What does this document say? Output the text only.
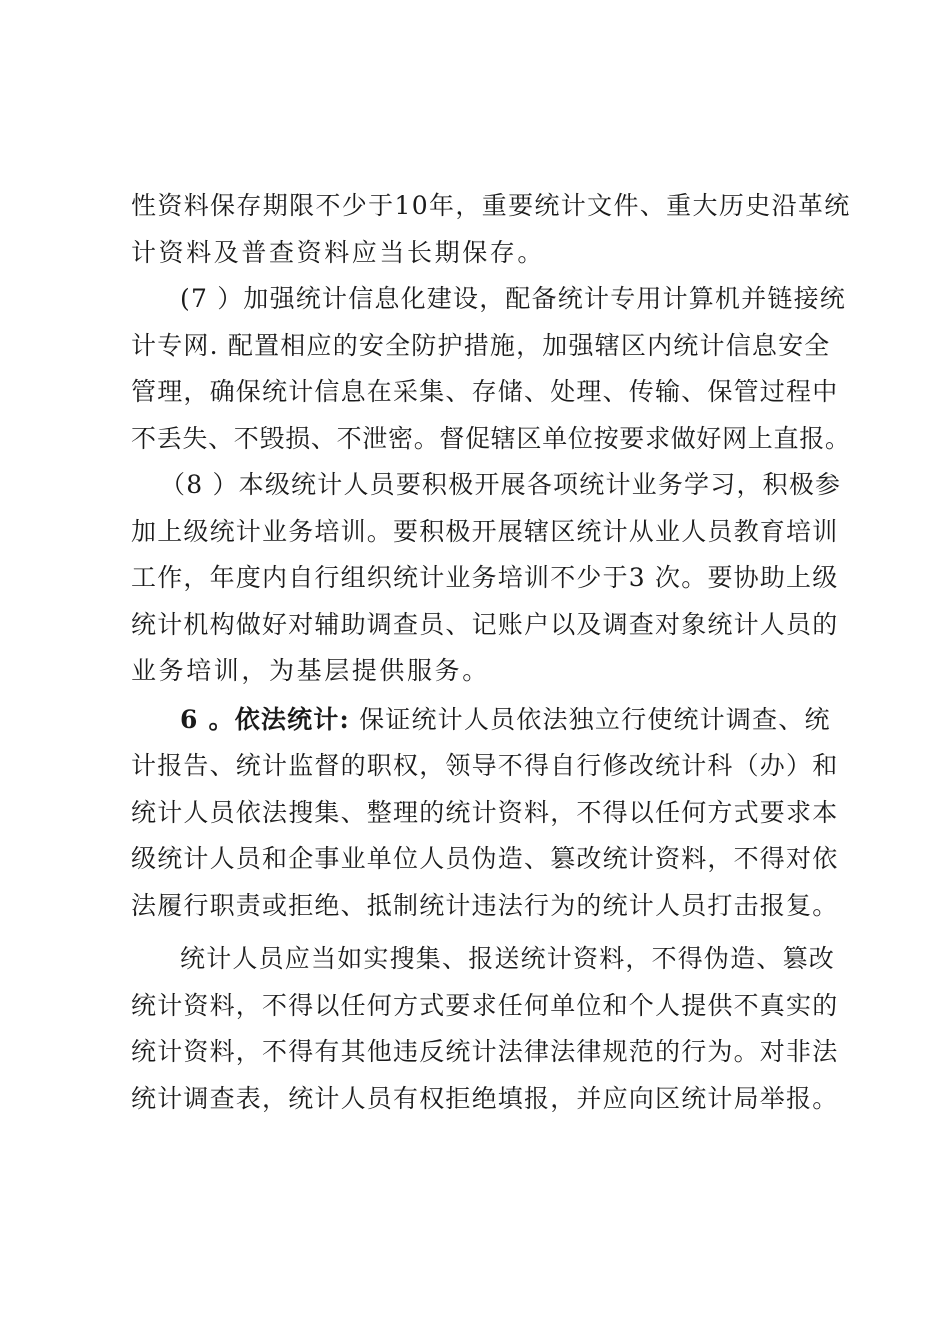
性资料保存期限不少于10年，重要统计文件、重大历史沿革统
计资料及普查资料应当长期保存。
(7 ）加强统计信息化建设，配备统计专用计算机并链接统
计专网. 配置相应的安全防护措施，加强辖区内统计信息安全
管理，确保统计信息在采集、存储、处理、传输、保管过程中
不丢失、不毁损、不泄密。督促辖区单位按要求做好网上直报。
（8 ）本级统计人员要积极开展各项统计业务学习，积极参
加上级统计业务培训。要积极开展辖区统计从业人员教育培训
工作，年度内自行组织统计业务培训不少于3 次。要协助上级
统计机构做好对辅助调查员、记账户以及调查对象统计人员的
业务培训，为基层提供服务。
6 。依法统计: 保证统计人员依法独立行使统计调查、统
计报告、统计监督的职权，领导不得自行修改统计科（办）和
统计人员依法搜集、整理的统计资料，不得以任何方式要求本
级统计人员和企事业单位人员伪造、篡改统计资料，不得对依
法履行职责或拒绝、抵制统计违法行为的统计人员打击报复。
统计人员应当如实搜集、报送统计资料，不得伪造、篡改
统计资料，不得以任何方式要求任何单位和个人提供不真实的
统计资料，不得有其他违反统计法律法律规范的行为。对非法
统计调查表，统计人员有权拒绝填报，并应向区统计局举报。
